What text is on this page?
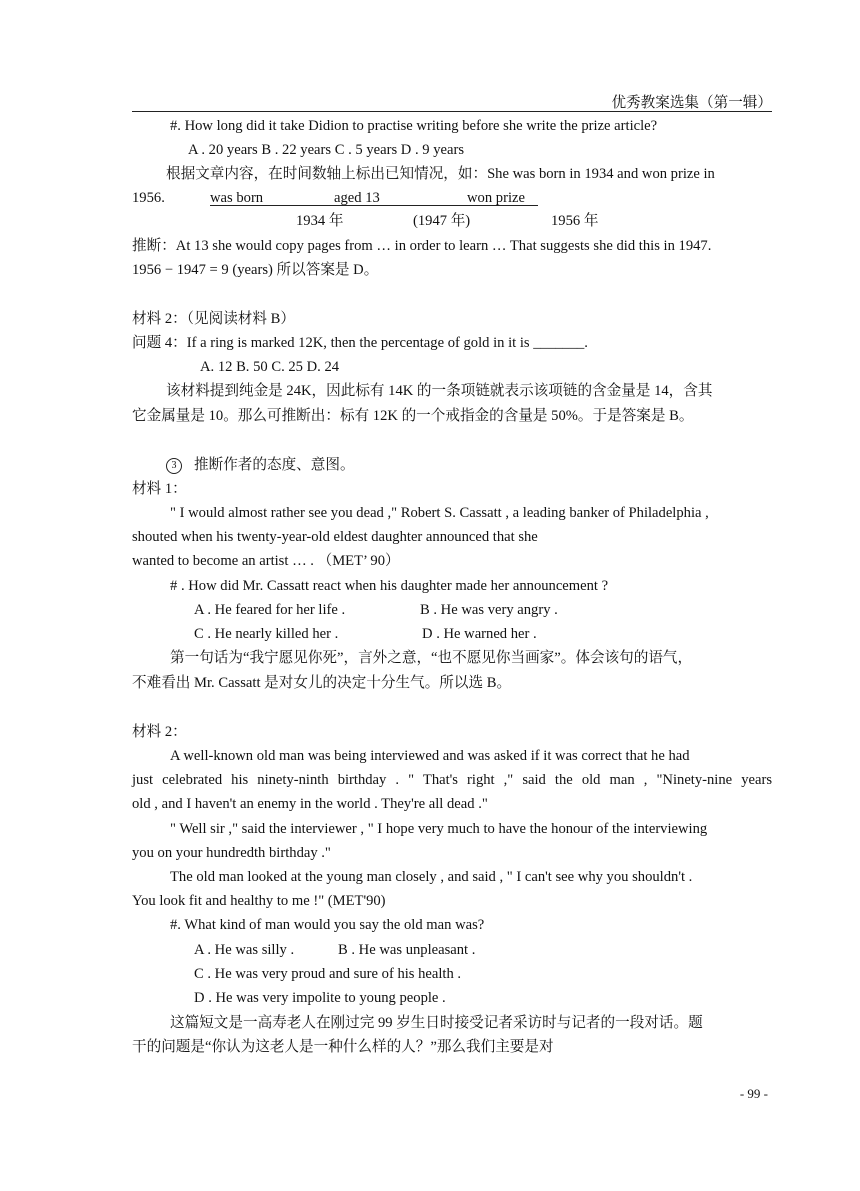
优秀教案选集（第一辑）
#. How long did it take Didion to practise writing before she write the prize article?
A . 20 years B . 22 years C . 5 years D . 9 years
根据文章内容，在时间数轴上标出已知情况，如：She was born in 1934 and won prize in
1956.	was born	aged 13	won prize
1934 年	(1947 年)	1956 年
推断：At 13 she would copy pages from … in order to learn … That suggests she did this in 1947.
1956 − 1947 = 9 (years) 所以答案是 D。
材料 2：（见阅读材料 B）
问题 4：If a ring is marked 12K, then the percentage of gold in it is _______.
A. 12 B. 50 C. 25 D. 24
该材料提到纯金是 24K，因此标有 14K 的一条项链就表示该项链的含金量是 14，含其
它金属量是 10。那么可推断出：标有 12K 的一个戒指金的含量是 50%。于是答案是 B。
3 推断作者的态度、意图。
材料 1：
" I would almost rather see you dead ," Robert S. Cassatt , a leading banker of Philadelphia ,
shouted when his twenty-year-old eldest daughter announced that she
wanted to become an artist … . （MET’ 90）
# . How did Mr. Cassatt react when his daughter made her announcement ?
A . He feared for her life .	B . He was very angry .
C . He nearly killed her .	D . He warned her .
第一句话为“我宁愿见你死”，言外之意，“也不愿见你当画家”。体会该句的语气，
不难看出 Mr. Cassatt 是对女儿的决定十分生气。所以选 B。
材料 2：
A well-known old man was being interviewed and was asked if it was correct that he had
just celebrated his ninety-ninth birthday . " That's right ," said the old man , "Ninety-nine years
old , and I haven't an enemy in the world . They're all dead ."
" Well sir ," said the interviewer , " I hope very much to have the honour of the interviewing
you on your hundredth birthday ."
The old man looked at the young man closely , and said , " I can't see why you shouldn't .
You look fit and healthy to me !" (MET'90)
#. What kind of man would you say the old man was?
A . He was silly .	B . He was unpleasant .
C . He was very proud and sure of his health .
D . He was very impolite to young people .
这篇短文是一高寿老人在刚过完 99 岁生日时接受记者采访时与记者的一段对话。题
干的问题是“你认为这老人是一种什么样的人？”那么我们主要是对
- 99 -
